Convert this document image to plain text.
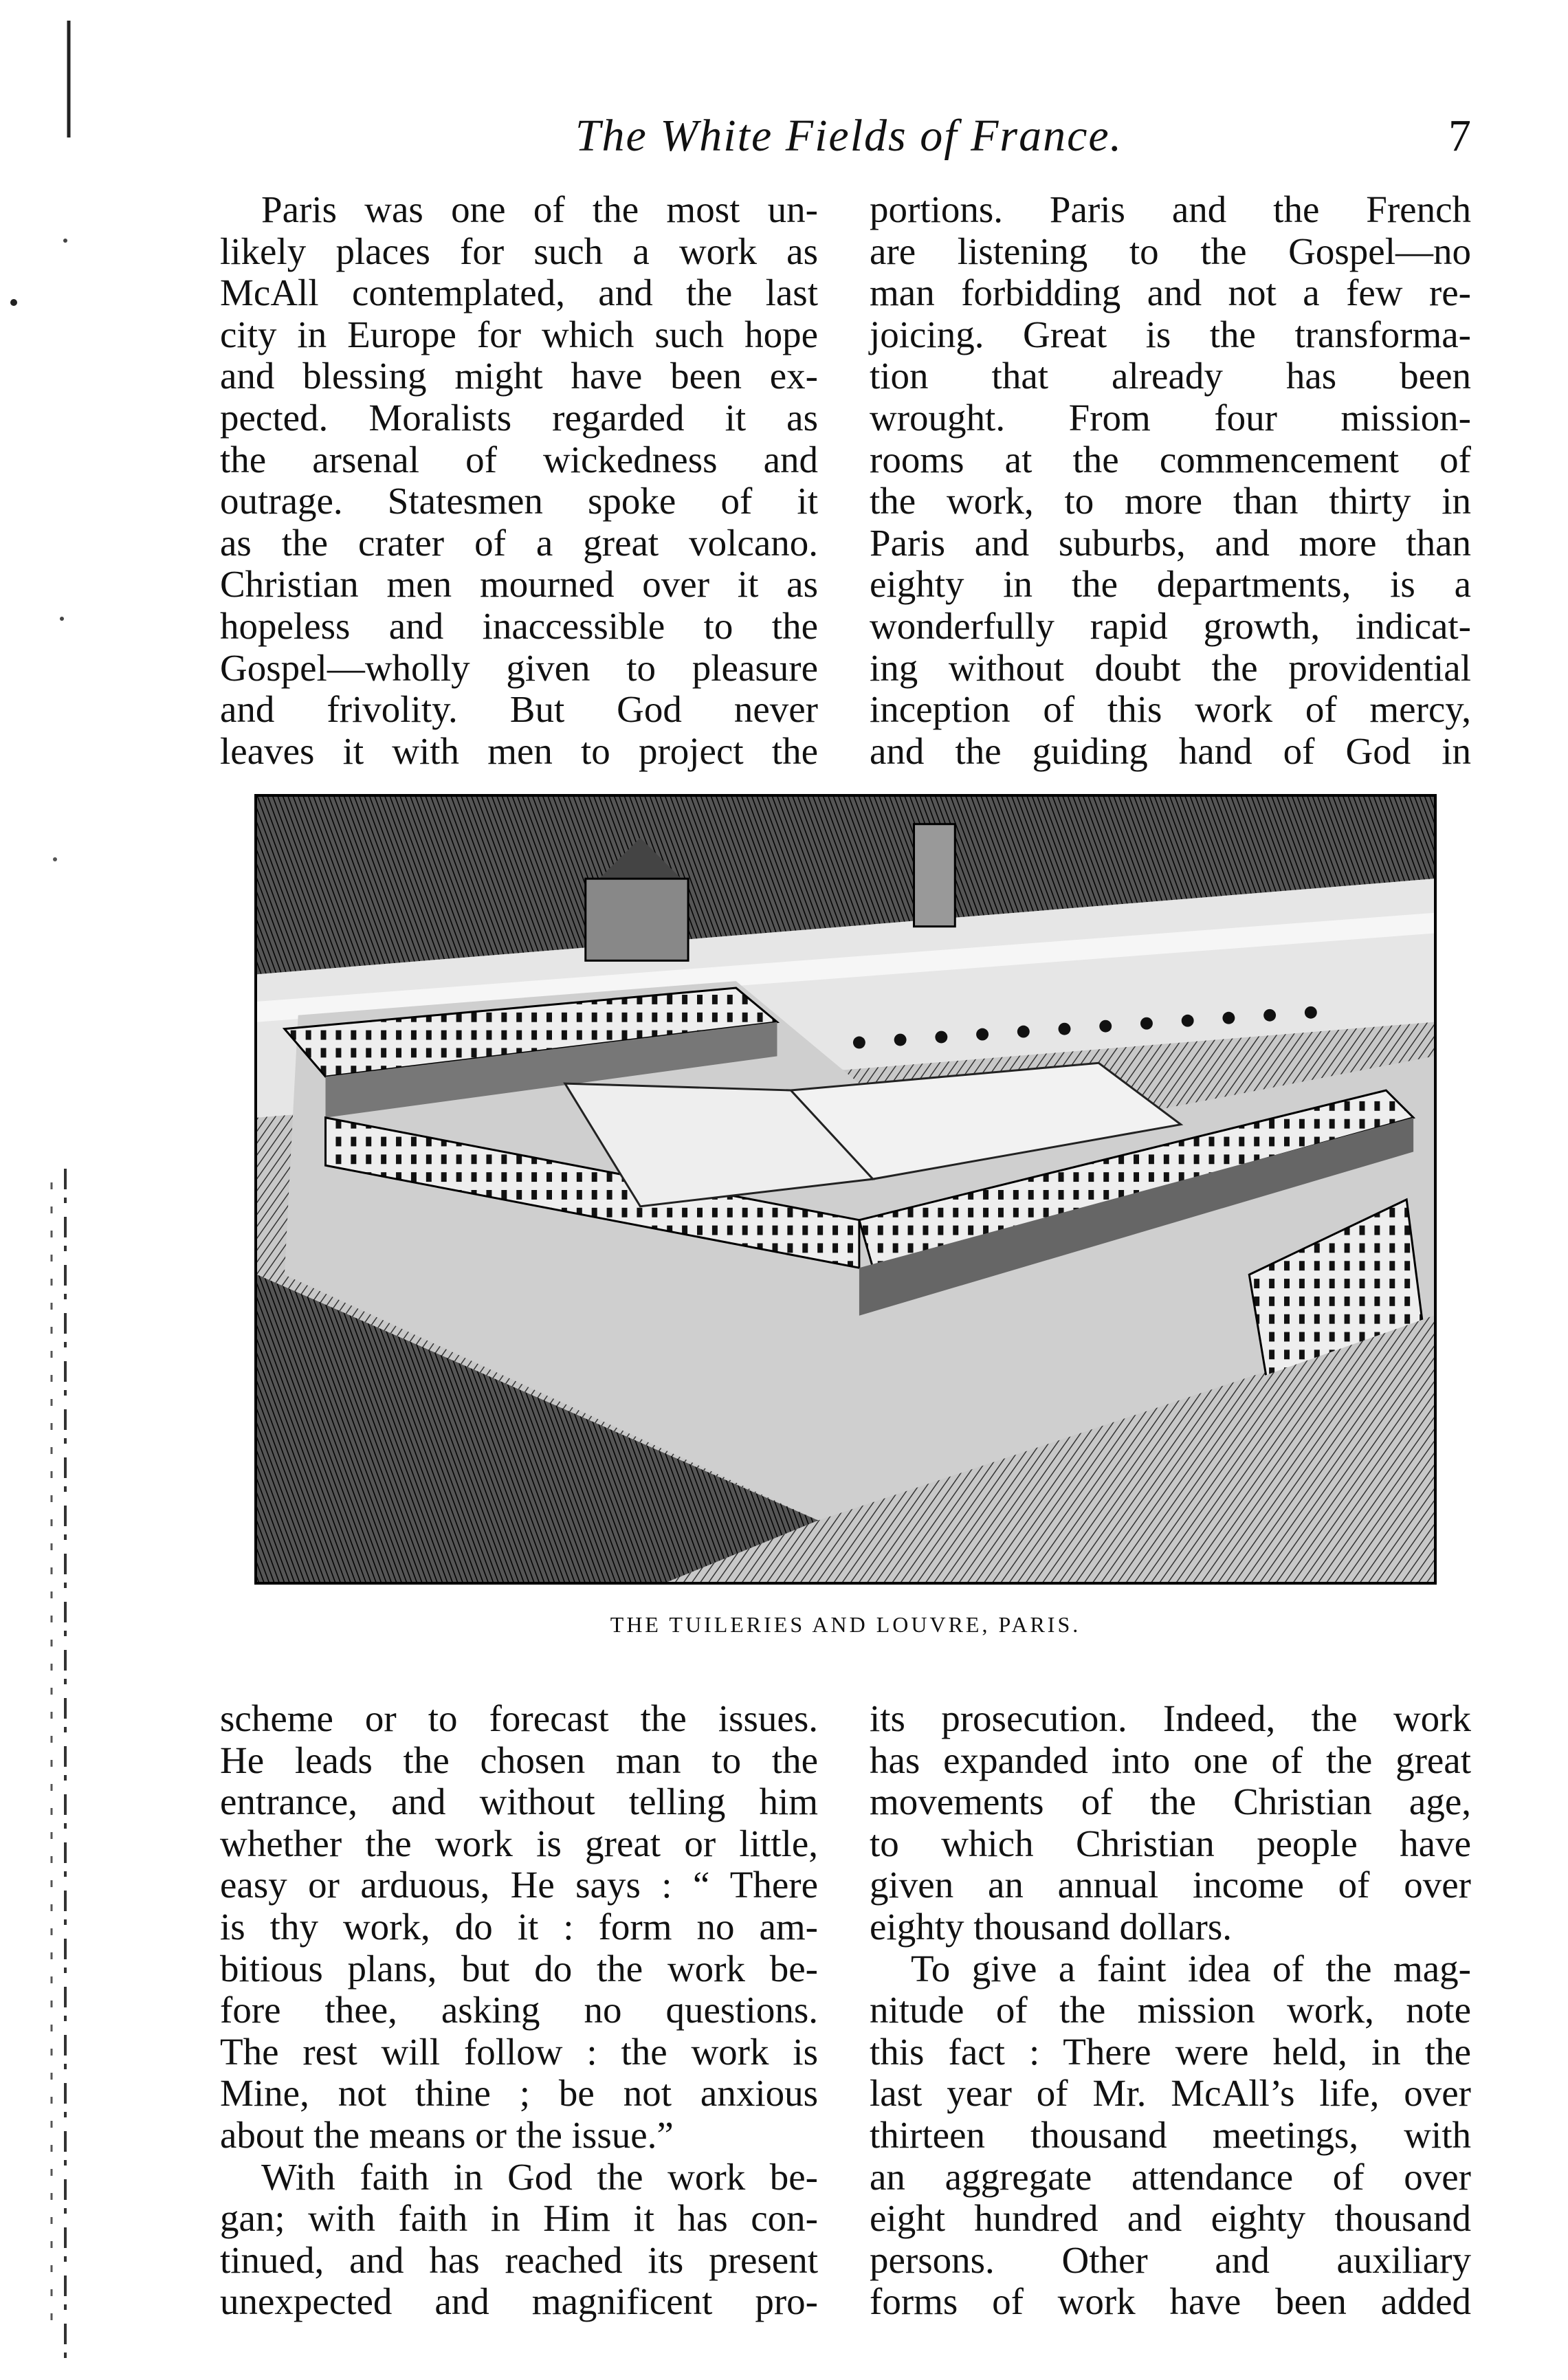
The White Fields of France.	7
Paris was one of the most un-
likely places for such a work as
McAll contemplated, and the last
city in Europe for which such hope
and blessing might have been ex-
pected. Moralists regarded it as
the arsenal of wickedness and
outrage. Statesmen spoke of it
as the crater of a great volcano.
Christian men mourned over it as
hopeless and inaccessible to the
Gospel—wholly given to pleasure
and frivolity. But God never
leaves it with men to project the
portions. Paris and the French
are listening to the Gospel—no
man forbidding and not a few re-
joicing. Great is the transforma-
tion that already has been
wrought. From four mission-
rooms at the commencement of
the work, to more than thirty in
Paris and suburbs, and more than
eighty in the departments, is a
wonderfully rapid growth, indicat-
ing without doubt the providential
inception of this work of mercy,
and the guiding hand of God in
THE TUILERIES AND LOUVRE, PARIS.
scheme or to forecast the issues.
He leads the chosen man to the
entrance, and without telling him
whether the work is great or little,
easy or arduous, He says : “ There
is thy work, do it : form no am-
bitious plans, but do the work be-
fore thee, asking no questions.
The rest will follow : the work is
Mine, not thine ; be not anxious
about the means or the issue.”
With faith in God the work be-
gan; with faith in Him it has con-
tinued, and has reached its present
unexpected and magnificent pro-
its prosecution. Indeed, the work
has expanded into one of the great
movements of the Christian age,
to which Christian people have
given an annual income of over
eighty thousand dollars.
To give a faint idea of the mag-
nitude of the mission work, note
this fact : There were held, in the
last year of Mr. McAll’s life, over
thirteen thousand meetings, with
an aggregate attendance of over
eight hundred and eighty thousand
persons. Other and auxiliary
forms of work have been added
